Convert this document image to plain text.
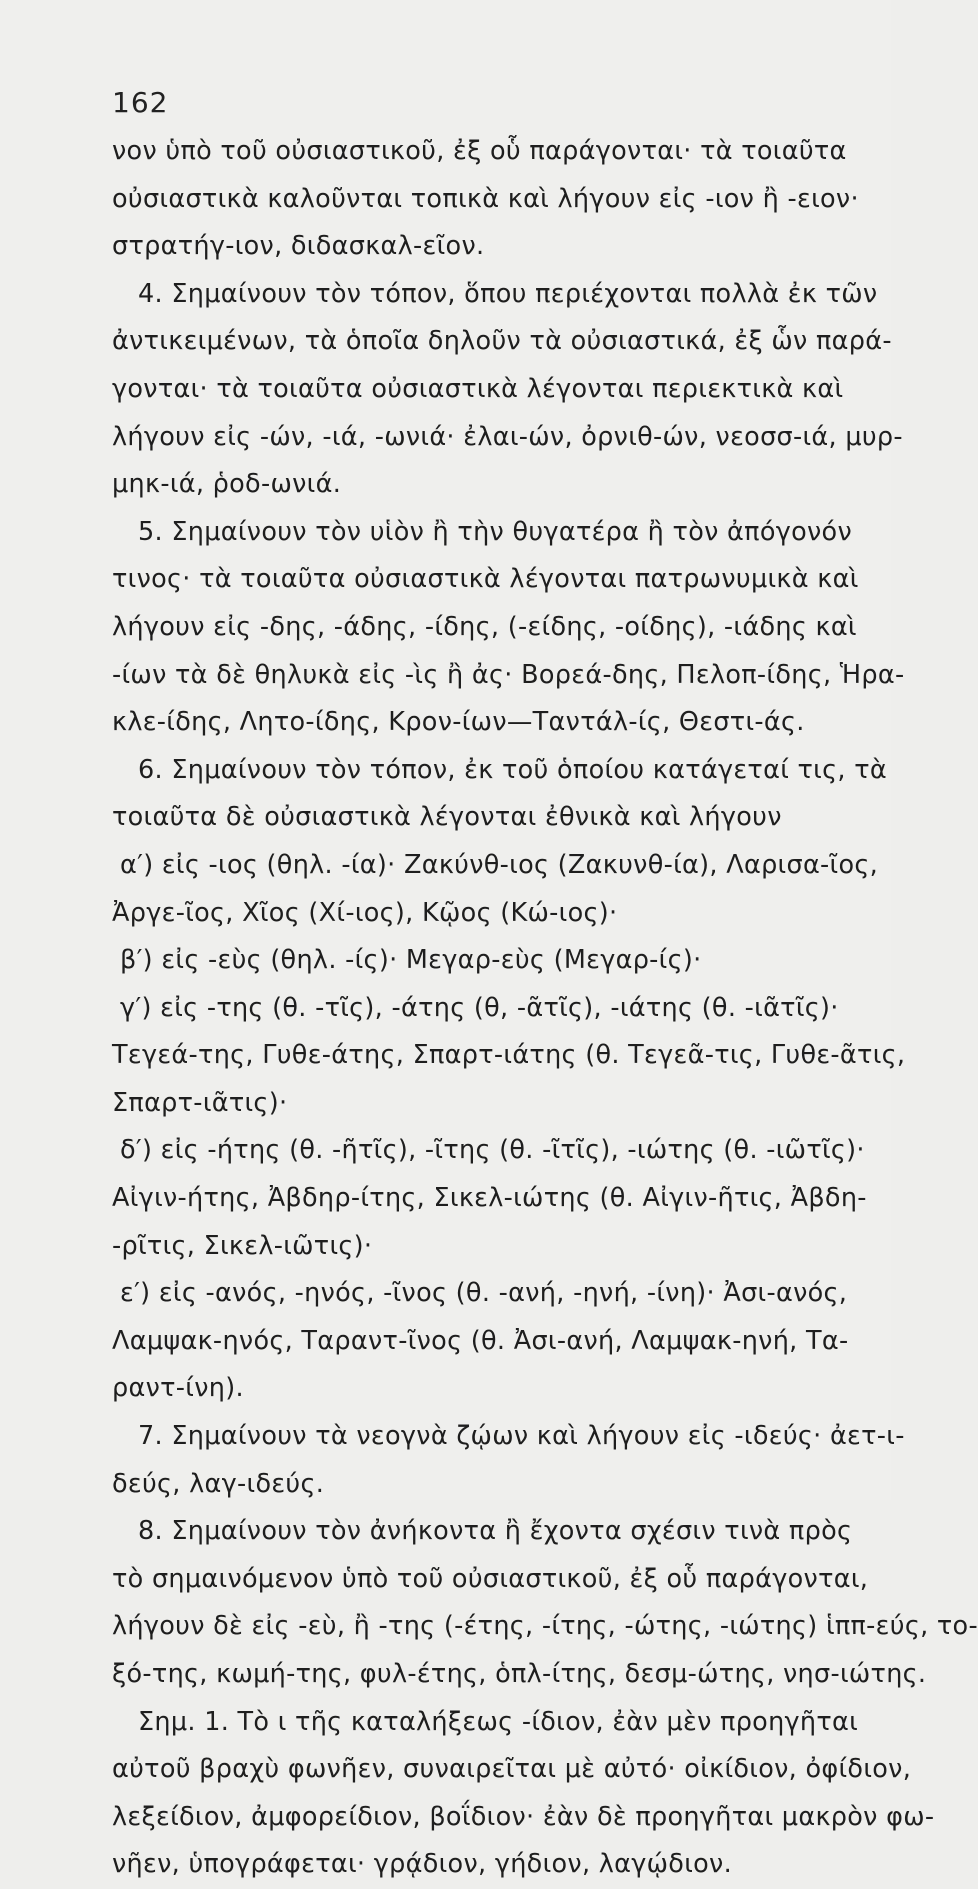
162
νον ὑπὸ τοῦ οὐσιαστικοῦ, ἐξ οὗ παράγονται· τὰ τοιαῦτα
οὐσιαστικὰ καλοῦνται τοπικὰ καὶ λήγουν εἰς -ιον ἢ -ειον·
στρατήγ-ιον, διδασκαλ-εῖον.
4. Σημαίνουν τὸν τόπον, ὅπου περιέχονται πολλὰ ἐκ τῶν
ἀντικειμένων, τὰ ὁποῖα δηλοῦν τὰ οὐσιαστικά, ἐξ ὧν παρά-
γονται· τὰ τοιαῦτα οὐσιαστικὰ λέγονται περιεκτικὰ καὶ
λήγουν εἰς -ών, -ιά, -ωνιά· ἐλαι-ών, ὀρνιθ-ών, νεοσσ-ιά, μυρ-
μηκ-ιά, ῥοδ-ωνιά.
5. Σημαίνουν τὸν υἱὸν ἢ τὴν θυγατέρα ἢ τὸν ἀπόγονόν
τινος· τὰ τοιαῦτα οὐσιαστικὰ λέγονται πατρωνυμικὰ καὶ
λήγουν εἰς -δης, -άδης, -ίδης, (-είδης, -οίδης), -ιάδης καὶ
-ίων τὰ δὲ θηλυκὰ εἰς -ὶς ἢ ἀς· Βορεά-δης, Πελοπ-ίδης, Ἡρα-
κλε-ίδης, Λητο-ίδης, Κρον-ίων—Ταντάλ-ίς, Θεστι-άς.
6. Σημαίνουν τὸν τόπον, ἐκ τοῦ ὁποίου κατάγεταί τις, τὰ
τοιαῦτα δὲ οὐσιαστικὰ λέγονται ἐθνικὰ καὶ λήγουν
α′) εἰς -ιος (θηλ. -ία)· Ζακύνθ-ιος (Ζακυνθ-ία), Λαρισα-ῖος,
Ἀργε-ῖος, Χῖος (Χί-ιος), Κῷος (Κώ-ιος)·
β′) εἰς -εὺς (θηλ. -ίς)· Μεγαρ-εὺς (Μεγαρ-ίς)·
γ′) εἰς -της (θ. -τῖς), -άτης (θ, -ᾶτῖς), -ιάτης (θ. -ιᾶτῖς)·
Τεγεά-της, Γυθε-άτης, Σπαρτ-ιάτης (θ. Τεγεᾶ-τις, Γυθε-ᾶτις,
Σπαρτ-ιᾶτις)·
δ′) εἰς -ήτης (θ. -ῆτῖς), -ῖτης (θ. -ῖτῖς), -ιώτης (θ. -ιῶτῖς)·
Αἰγιν-ήτης, Ἀβδηρ-ίτης, Σικελ-ιώτης (θ. Αἰγιν-ῆτις, Ἀβδη-
-ρῖτις, Σικελ-ιῶτις)·
ε′) εἰς -ανός, -ηνός, -ῖνος (θ. -ανή, -ηνή, -ίνη)· Ἀσι-ανός,
Λαμψακ-ηνός, Ταραντ-ῖνος (θ. Ἀσι-ανή, Λαμψακ-ηνή, Τα-
ραντ-ίνη).
7. Σημαίνουν τὰ νεογνὰ ζῴων καὶ λήγουν εἰς -ιδεύς· ἀετ-ι-
δεύς, λαγ-ιδεύς.
8. Σημαίνουν τὸν ἀνήκοντα ἢ ἔχοντα σχέσιν τινὰ πρὸς
τὸ σημαινόμενον ὑπὸ τοῦ οὐσιαστικοῦ, ἐξ οὗ παράγονται,
λήγουν δὲ εἰς -εὺ, ἢ -της (-έτης, -ίτης, -ώτης, -ιώτης) ἱππ-εύς, το-
ξό-της, κωμή-της, φυλ-έτης, ὁπλ-ίτης, δεσμ-ώτης, νησ-ιώτης.
Σημ. 1. Τὸ ι τῆς καταλήξεως -ίδιον, ἐὰν μὲν προηγῆται
αὐτοῦ βραχὺ φωνῆεν, συναιρεῖται μὲ αὐτό· οἰκίδιον, ὀφίδιον,
λεξείδιον, ἀμφορείδιον, βοΐδιον· ἐὰν δὲ προηγῆται μακρὸν φω-
νῆεν, ὑπογράφεται· γρᾴδιον, γήδιον, λαγῴδιον.
